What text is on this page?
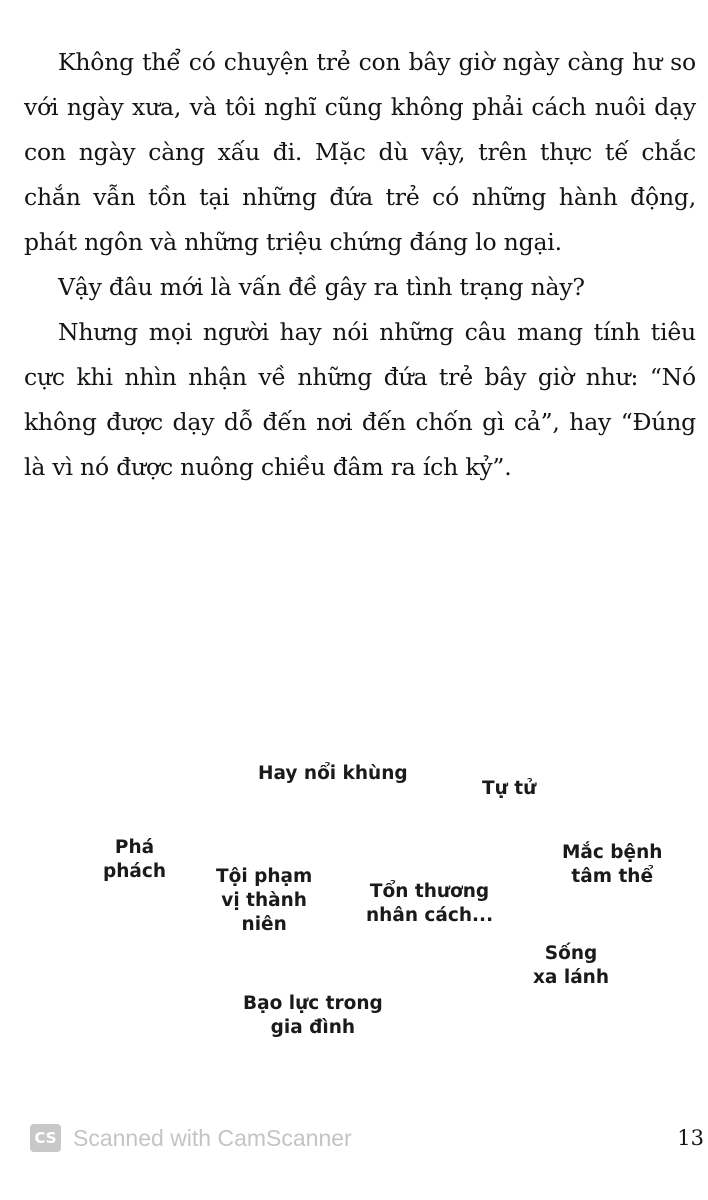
Không thể có chuyện trẻ con bây giờ ngày càng hư so với ngày xưa, và tôi nghĩ cũng không phải cách nuôi dạy con ngày càng xấu đi. Mặc dù vậy, trên thực tế chắc chắn vẫn tồn tại những đứa trẻ có những hành động, phát ngôn và những triệu chứng đáng lo ngại.

Vậy đâu mới là vấn đề gây ra tình trạng này?

Nhưng mọi người hay nói những câu mang tính tiêu cực khi nhìn nhận về những đứa trẻ bây giờ như: “Nó không được dạy dỗ đến nơi đến chốn gì cả”, hay “Đúng là vì nó được nuông chiều đâm ra ích kỷ”.

Hay nổi khùng
Tự tử
Phá
phách	Tội phạm
vị thành
niên
Tổn thương
nhân cách...
Mắc bệnh
tâm thể
Sống
xa lánh
Bạo lực trong
gia đình
CS Scanned with CamScanner	13
